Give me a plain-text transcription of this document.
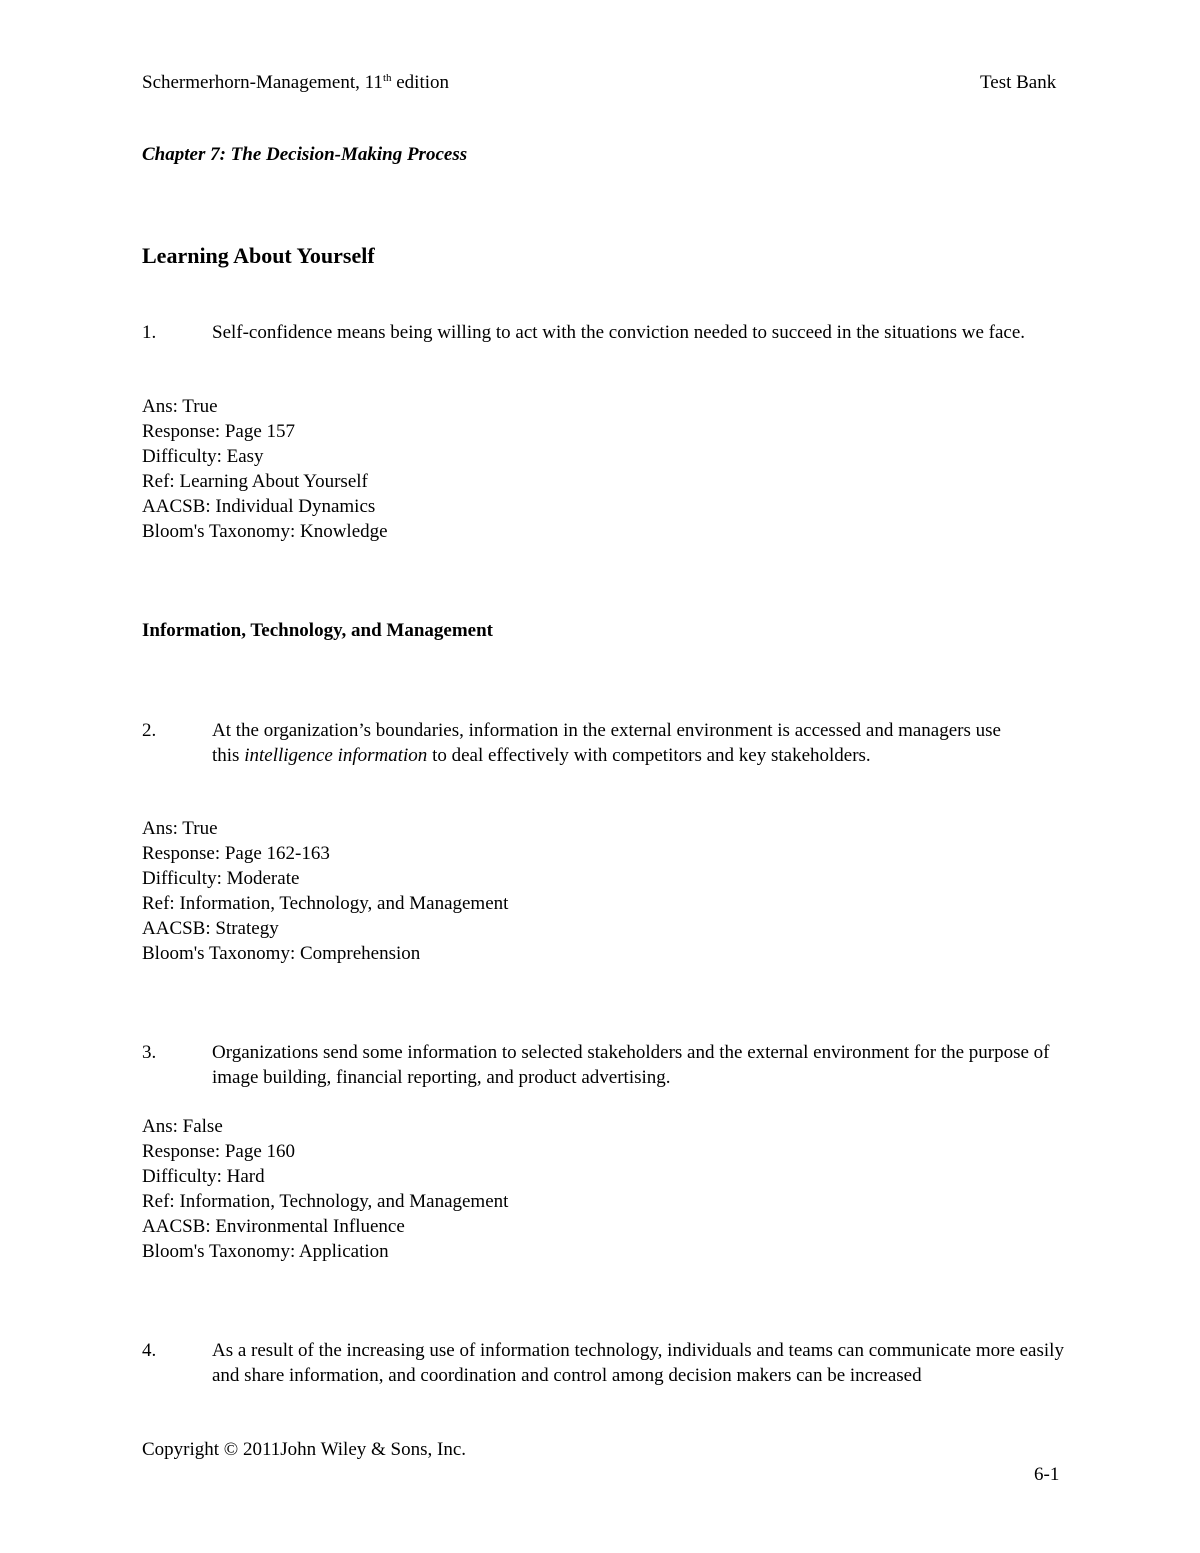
Schermerhorn-Management, 11th edition	Test Bank
Chapter 7: The Decision-Making Process
Learning About Yourself
1.	Self-confidence means being willing to act with the conviction needed to succeed in the situations we face.
Ans: True
Response: Page 157
Difficulty: Easy
Ref: Learning About Yourself
AACSB: Individual Dynamics
Bloom's Taxonomy: Knowledge
Information, Technology, and Management
2.	At the organization’s boundaries, information in the external environment is accessed and managers use this intelligence information to deal effectively with competitors and key stakeholders.
Ans: True
Response: Page 162-163
Difficulty: Moderate
Ref: Information, Technology, and Management
AACSB: Strategy
Bloom's Taxonomy: Comprehension
3.	Organizations send some information to selected stakeholders and the external environment for the purpose of image building, financial reporting, and product advertising.
Ans: False
Response: Page 160
Difficulty: Hard
Ref: Information, Technology, and Management
AACSB: Environmental Influence
Bloom's Taxonomy: Application
4.	As a result of the increasing use of information technology, individuals and teams can communicate more easily and share information, and coordination and control among decision makers can be increased
Copyright © 2011John Wiley & Sons, Inc.
6-1
